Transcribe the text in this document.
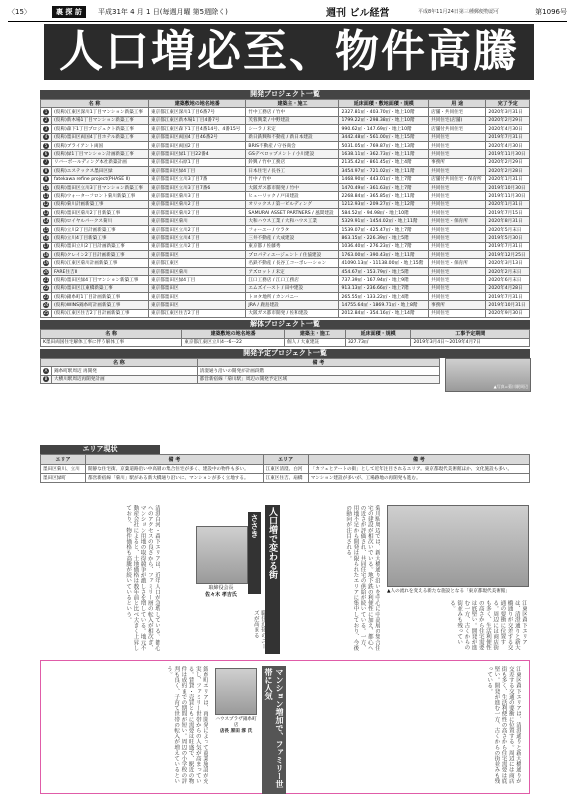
〈15〉	裏 探 訪	平成31年 4 月 1 日(毎週月曜 第5週除く)	週刊 ビル経営	平成8年11月24日第三種郵便物認可	第1096号
人口増必至、物件高騰
開発プロジェクト一覧
名 称		建築敷地の地名地番	建築主・施工	延床面積・敷地面積・規模	用 途	完了予定
1	(仮称)江東区深川1丁目マンション新築工事	東京都江東区深川1丁目6番7号	竹中工務店 / 竹中	2327.81㎡・403.70㎡・地上10階	店舗・共同住宅	2020年3月31日
2	(仮称)新木場1丁目マンション新築工事	東京都江東区新木場1丁目4番7号	芙蓉興業 / 中野建設	1799.22㎡・298.38㎡・地上10階	共同住宅(店舗)	2020年2月29日
3	(仮称)森下1丁目プロジェクト新築工事	東京都江東区森下1丁目4番14号、4番15号	シーラ / 未定	990.62㎡・147.69㎡・地上10階	店舗付共同住宅	2020年4月30日
4	(仮称)墨田区両国4丁目ホテル新築工事	東京都墨田区両国4丁目46番2号	新日鉄興和不動産 / 新日本建設	3442.48㎡・561.00㎡・地上15階	共同住宅	2019年7月31日
5	(仮称)ブライアント両国	東京都墨田区両国2丁目	BRIS不動産 / 守谷商会	5031.05㎡・769.87㎡・地上13階	共同住宅	2020年4月30日
6	(仮称)緑1丁目マンション計画新築工事	東京都墨田区緑1丁目22番4	GSデベロップメント / 小川建設	1638.11㎡・362.73㎡・地上11階	共同住宅	2019年11月30日
7	リバーボールディング本社新築計画	東京都墨田区石原1丁目	鈴興 / 竹中工務店	2135.42㎡・861.45㎡・地上4階	事務所	2020年2月29日
8	(仮称)エステックス墨田区緑	東京都墨田区緑4丁目	日本住宅 / 長谷工	3454.97㎡・721.02㎡・地上11階	共同住宅	2020年2月28日
9	fatekawa refine project(PHASE II)	東京都墨田区立川3丁目7番	竹中 / 竹中	1468.90㎡・443.01㎡・地上7階	店舗付共同住宅・保育所	2020年1月31日
10	(仮称)墨田区立川3丁目マンション新築工事	東京都墨田区立川3丁目7番6	大阪ガス都市開発 / 竹中	1470.49㎡・361.63㎡・地上7階	共同住宅	2019年10月30日
11	(仮称)ウォーターフロント菊川新築工事	東京都墨田区菊川3丁目	ヒューリック / 戸田建設	2268.84㎡・365.85㎡・地上11階	共同住宅	2019年11月30日
12	(仮称)菊川計画新築工事	東京都墨田区菊川2丁目	オリックス / 第一ビルディング	1212.93㎡・209.27㎡・地上12階	共同住宅	2020年1月31日
13	(仮称)墨田区菊川2丁目新築工事	東京都墨田区菊川2丁目	SAMURAI ASSET PARTNERS / 風間建設	584.52㎡・94.98㎡・地上10階	共同住宅	2019年7月15日
14	(仮称)ロイヤルパークス菊川	東京都墨田区菊川	大和ハウス工業 / 大和ハウス工業	5329.91㎡・1454.02㎡・地上11階	共同住宅・保育所	2020年8月31日
15	(仮称)立川2丁目計画新築工事	東京都墨田区立川2丁目	フォーユー / ウラタ	1539.07㎡・425.47㎡・地上7階	共同住宅	2020年5月末日
16	(仮称)立川4丁目新築工事	東京都墨田区立川4丁目	三井不動産 / 大成建設	863.15㎡・226.39㎡・地上5階	共同住宅	2019年5月30日
17	(仮称)墨田立川2丁目計画新築工事	東京都墨田区立川2丁目	東京都 / 佐藤秀	1036.40㎡・276.23㎡・地上7階	共同住宅	2019年7月31日
18	(仮称)クレイン2丁目計画新築工事	東京都墨田区	プロパティエージェント / 住協建設	1763.00㎡・390.43㎡・地上11階	共同住宅	2019年12月25日
19	(仮称)江東区菊川計画新築工事	東京都江東区	名鉄不動産 / 長谷工コーポレーション	41090.13㎡・11138.00㎡・地上15階	共同住宅・保育所	2020年3月13日
20	FARE住吉Ⅱ	東京都墨田区菊川	アズロット / 未定	454.67㎡・153.79㎡・地上5階	共同住宅	2020年2月末日
21	(仮称)墨田区緑4丁目マンション新築工事	東京都墨田区緑4丁目	江口工務店 / 江口工務店	737.39㎡・167.94㎡・地上9階	共同住宅	2020年6月末日
22	(仮称)墨田区江東橋新築工事	東京都墨田区	エムズイースト / 田中建設	913.13㎡・236.66㎡・地上7階	共同住宅	2020年4月28日
23	(仮称)錦糸町1丁目計画新築工事	東京都墨田区	トヨタ地所 / カンパニー	265.55㎡・133.22㎡・地上4階	共同住宅	2019年7月31日
24	(仮称)WINS錦糸町計画新築工事	東京都墨田区	JRA / 鹿島建設	14755.64㎡・1869.71㎡・地上8階	事務所	2019年10月31日
25	(仮称)江東区住吉2丁目計画新築工事	東京都江東区住吉2丁目	大阪ガス都市開発 / 佐和建設	2012.84㎡・354.16㎡・地上14階	共同住宅	2020年9月30日
解体プロジェクト一覧
名 称	建築敷地の地名地番	建築主・施工	延床面積・規模	工事予定期間
K墨田両国住宅解体工事に伴う解体工事	東京都江東区立川4ー6ー22	個人 / 大東建託	327.73㎡	2019年3月4日〜2019年4月7日
開発予定プロジェクト一覧
名 称		備 考
A	錦糸町駅周辺 再開発	清澄通り沿いの開発が計画段階
B	大横川駅周辺再開発計画	都営新宿線「菊川駅」周辺の開発予定区域
▲写真=菊川駅周辺
エリア現状
エリア	備 考	エリア	備 考
墨田区菊川、立川	開静な住宅街。京葉道路沿い中高層の集合住宅が多く、建設中の物件も多い。	江東区清澄、白河	「カフェとアートの街」として近年注目されるエリア。東京都現代美術館ほか、文化施設も多い。
墨田区緑町	都営新宿線「菊川」駅がある新大橋通り沿いに、マンションが多く立地する。	江東区住吉、扇橋	マンション建設が多いが、工場跡地の再開発も進む。
清澄白河・森下エリアは、近年人口が急増している。都心へのアクセスの良さから、ファミリー層の転入が相次ぎ、マンション用地の取得競争が激しさを増している。地元不動産会社によると、土地価格は数年前と比べ大きく上昇しており、物件価格も高騰が続いているという。	取締役会長
佐々木 孝吉氏
ささき 人口増で変わる街
職住近接のニーズが高まる	菊川駅周辺では、新大橋通り沿いを中心に中高層の集合住宅の建設が相次いでいる。地下鉄の利便性に加え、都心への近さが評価され、共同住宅の供給が続いている。一方、用地不足から開発は限られたエリアに集中しており、今後の動向が注目される。
▲人の流れを変える新たな施設となる「東京都現代美術館」
江東区森下エリアは、清澄通りと新大橋通りが交差する交通の要衝に位置する。周辺には商店街も多く、生活利便性の高さから住宅需要は底堅い。開発が進む一方、古くからの街並みも残っている。
錦糸町エリアは、再開発によって商業施設が充実し、ファミリー世帯からの人気が高まっている。賃貸・売買ともに需要は旺盛で、駅近の物件は成約までの期間が短い。周辺の小学校の評判も良く、子育て世帯の転入が増えているという。
ハウスプラザ錦糸町店
店長 原田 淳 氏	マンション増加で、ファミリー世帯に人気	江東区森下エリアは、清澄通りと新大橋通りが交差する交通の要衝に位置する。周辺には商店街も多く、生活利便性の高さから住宅需要は底堅い。開発が進む一方、古くからの街並みも残っている。
